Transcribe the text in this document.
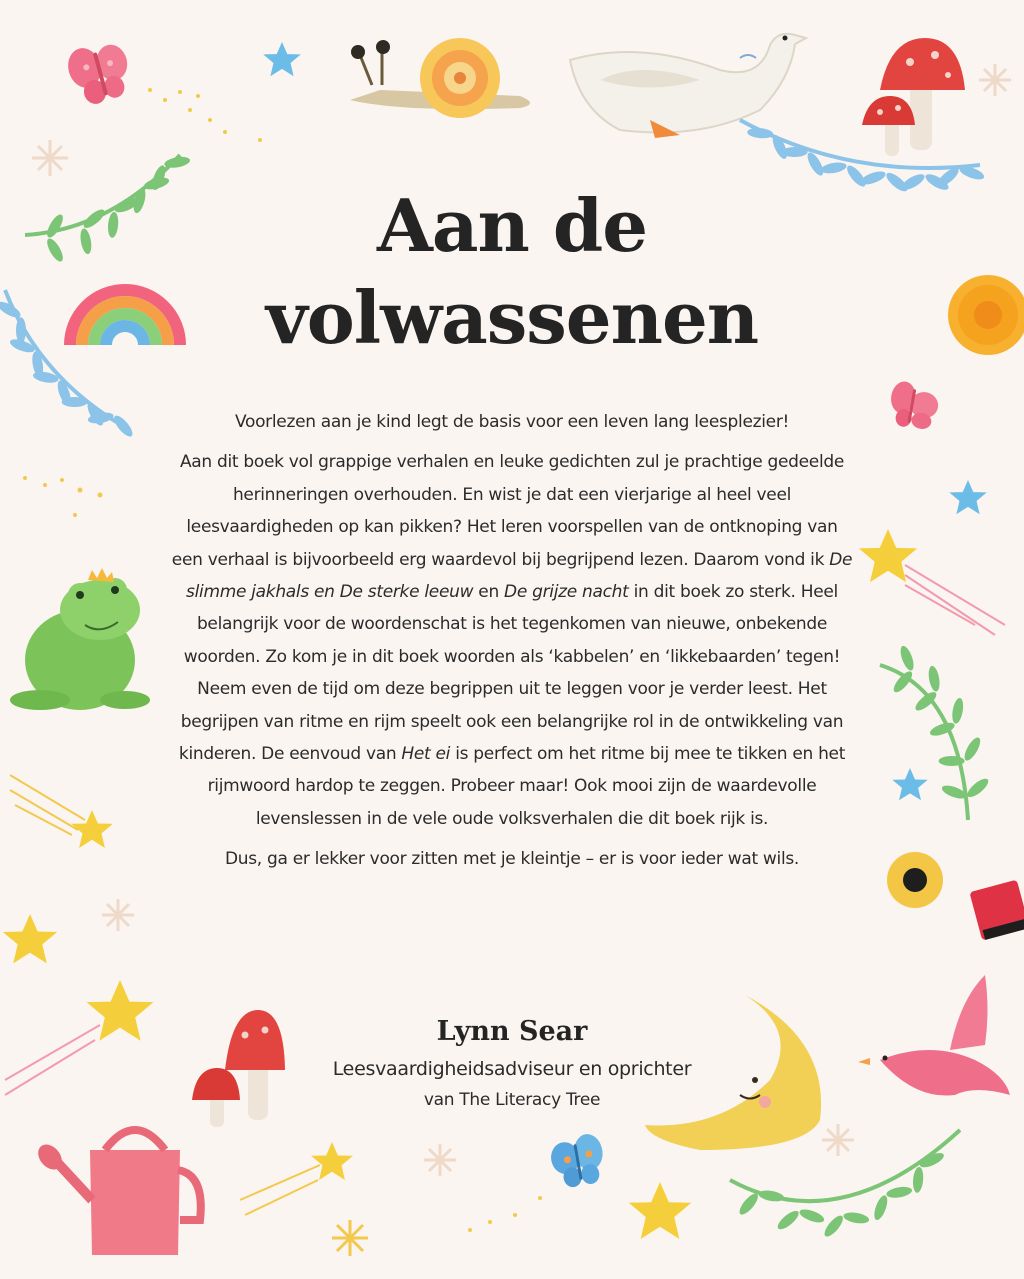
Aan de
volwassenen

Voorlezen aan je kind legt de basis voor een leven lang leesplezier!

Aan dit boek vol grappige verhalen en leuke gedichten zul je prachtige gedeelde herinneringen overhouden. En wist je dat een vierjarige al heel veel leesvaardigheden op kan pikken? Het leren voorspellen van de ontknoping van een verhaal is bijvoorbeeld erg waardevol bij begrijpend lezen. Daarom vond ik De slimme jakhals en De sterke leeuw en De grijze nacht in dit boek zo sterk. Heel belangrijk voor de woordenschat is het tegenkomen van nieuwe, onbekende woorden. Zo kom je in dit boek woorden als ‘kabbelen’ en ‘likkebaarden’ tegen! Neem even de tijd om deze begrippen uit te leggen voor je verder leest. Het begrijpen van ritme en rijm speelt ook een belangrijke rol in de ontwikkeling van kinderen. De eenvoud van Het ei is perfect om het ritme bij mee te tikken en het rijmwoord hardop te zeggen. Probeer maar! Ook mooi zijn de waardevolle levenslessen in de vele oude volksverhalen die dit boek rijk is.

Dus, ga er lekker voor zitten met je kleintje – er is voor ieder wat wils.

Lynn Sear
Leesvaardigheidsadviseur en oprichter
van The Literacy Tree
